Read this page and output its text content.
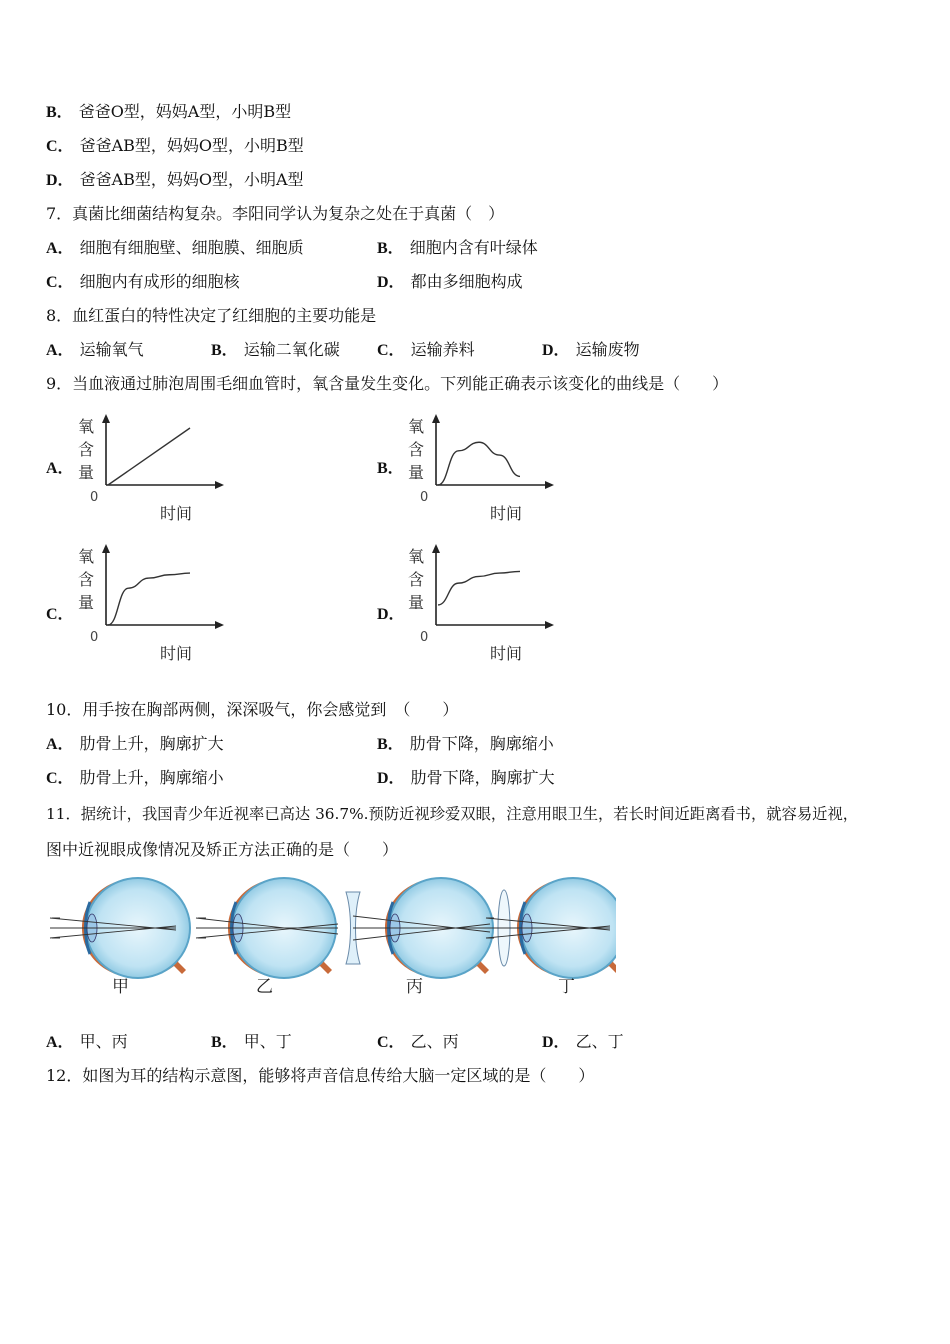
B． 爸爸O型，妈妈A型，小明B型
C． 爸爸AB型，妈妈O型，小明B型
D． 爸爸AB型，妈妈O型，小明A型
7．真菌比细菌结构复杂。李阳同学认为复杂之处在于真菌（　）
A． 细胞有细胞壁、细胞膜、细胞质	B． 细胞内含有叶绿体
C． 细胞内有成形的细胞核	D． 都由多细胞构成
8．血红蛋白的特性决定了红细胞的主要功能是
A． 运输氧气	B． 运输二氧化碳 C． 运输养料	D． 运输废物
9．当血液通过肺泡周围毛细血管时，氧含量发生变化。下列能正确表示该变化的曲线是（　　）
A．	B．
C．	D．
氧
含
量
0
时间
氧
含
量
0
时间
氧
含
量
0
时间
氧
含
量
0
时间
10．用手按在胸部两侧，深深吸气，你会感觉到　（　　）
A． 肋骨上升，胸廓扩大	B． 肋骨下降，胸廓缩小
C． 肋骨上升，胸廓缩小	D． 肋骨下降，胸廓扩大
11．据统计，我国青少年近视率已高达 36.7%.预防近视珍爱双眼，注意用眼卫生，若长时间近距离看书，就容易近视，
图中近视眼成像情况及矫正方法正确的是（　　）
甲	乙	丙	丁
A． 甲、丙	B． 甲、丁	C． 乙、丙	D． 乙、丁
12．如图为耳的结构示意图，能够将声音信息传给大脑一定区域的是（　　）
